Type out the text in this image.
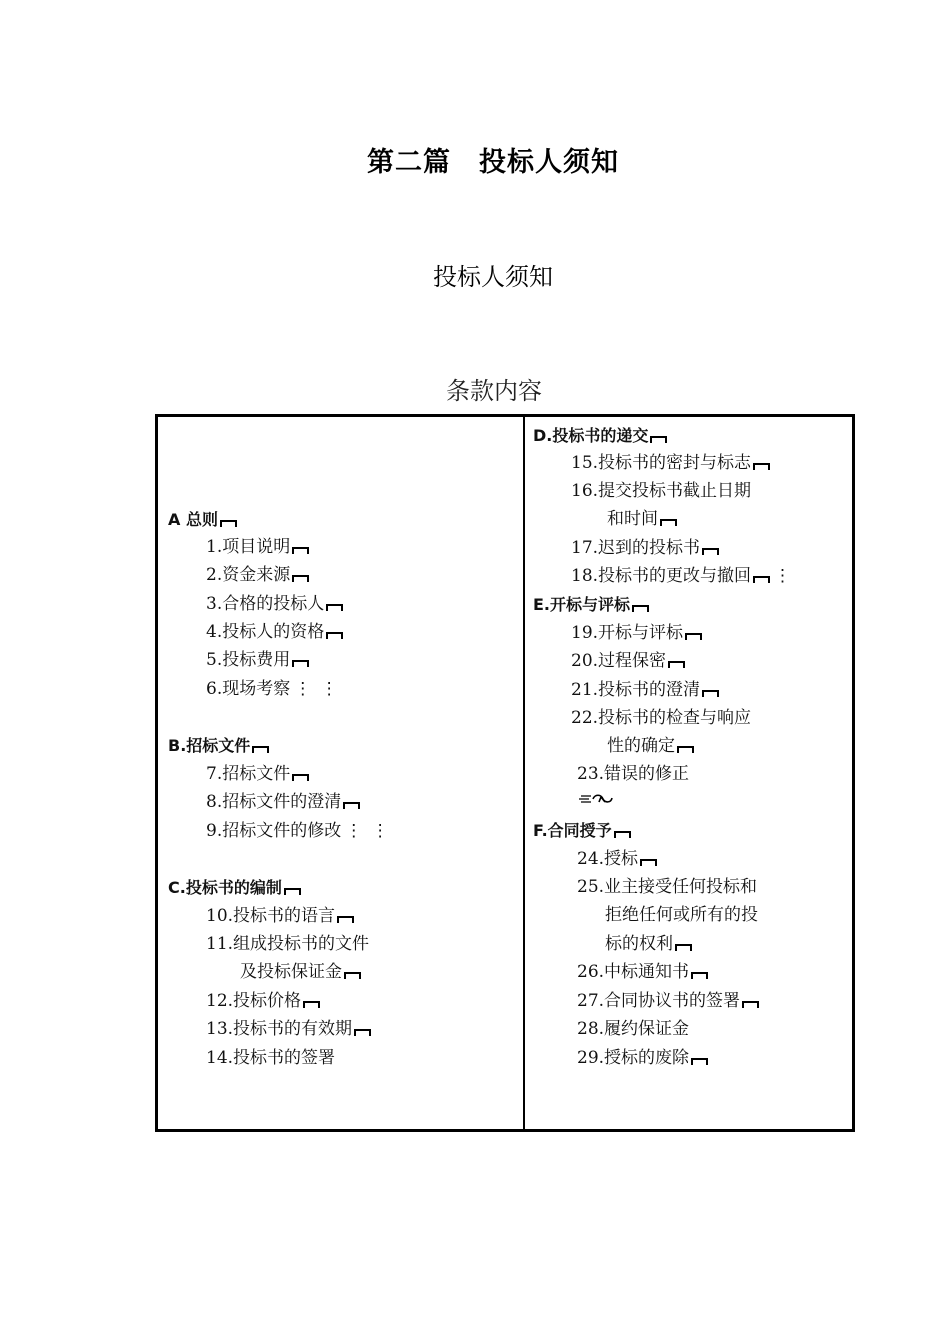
第二篇　投标人须知
投标人须知
条款内容
A 总则
1.项目说明
2.资金来源
3.合格的投标人
4.投标人的资格
5.投标费用
6.现场考察 ⋮ ⋮
B.招标文件
7.招标文件
8.招标文件的澄清
9.招标文件的修改 ⋮ ⋮
C.投标书的编制
10.投标书的语言
11.组成投标书的文件
及投标保证金
12.投标价格
13.投标书的有效期
14.投标书的签署
D.投标书的递交
15.投标书的密封与标志
16.提交投标书截止日期
和时间
17.迟到的投标书
18.投标书的更改与撤回 ⋮
E.开标与评标
19.开标与评标
20.过程保密
21.投标书的澄清
22.投标书的检查与响应
性的确定
23.错误的修正
F.合同授予
24.授标
25.业主接受任何投标和
拒绝任何或所有的投
标的权利
26.中标通知书
27.合同协议书的签署
28.履约保证金
29.授标的废除
